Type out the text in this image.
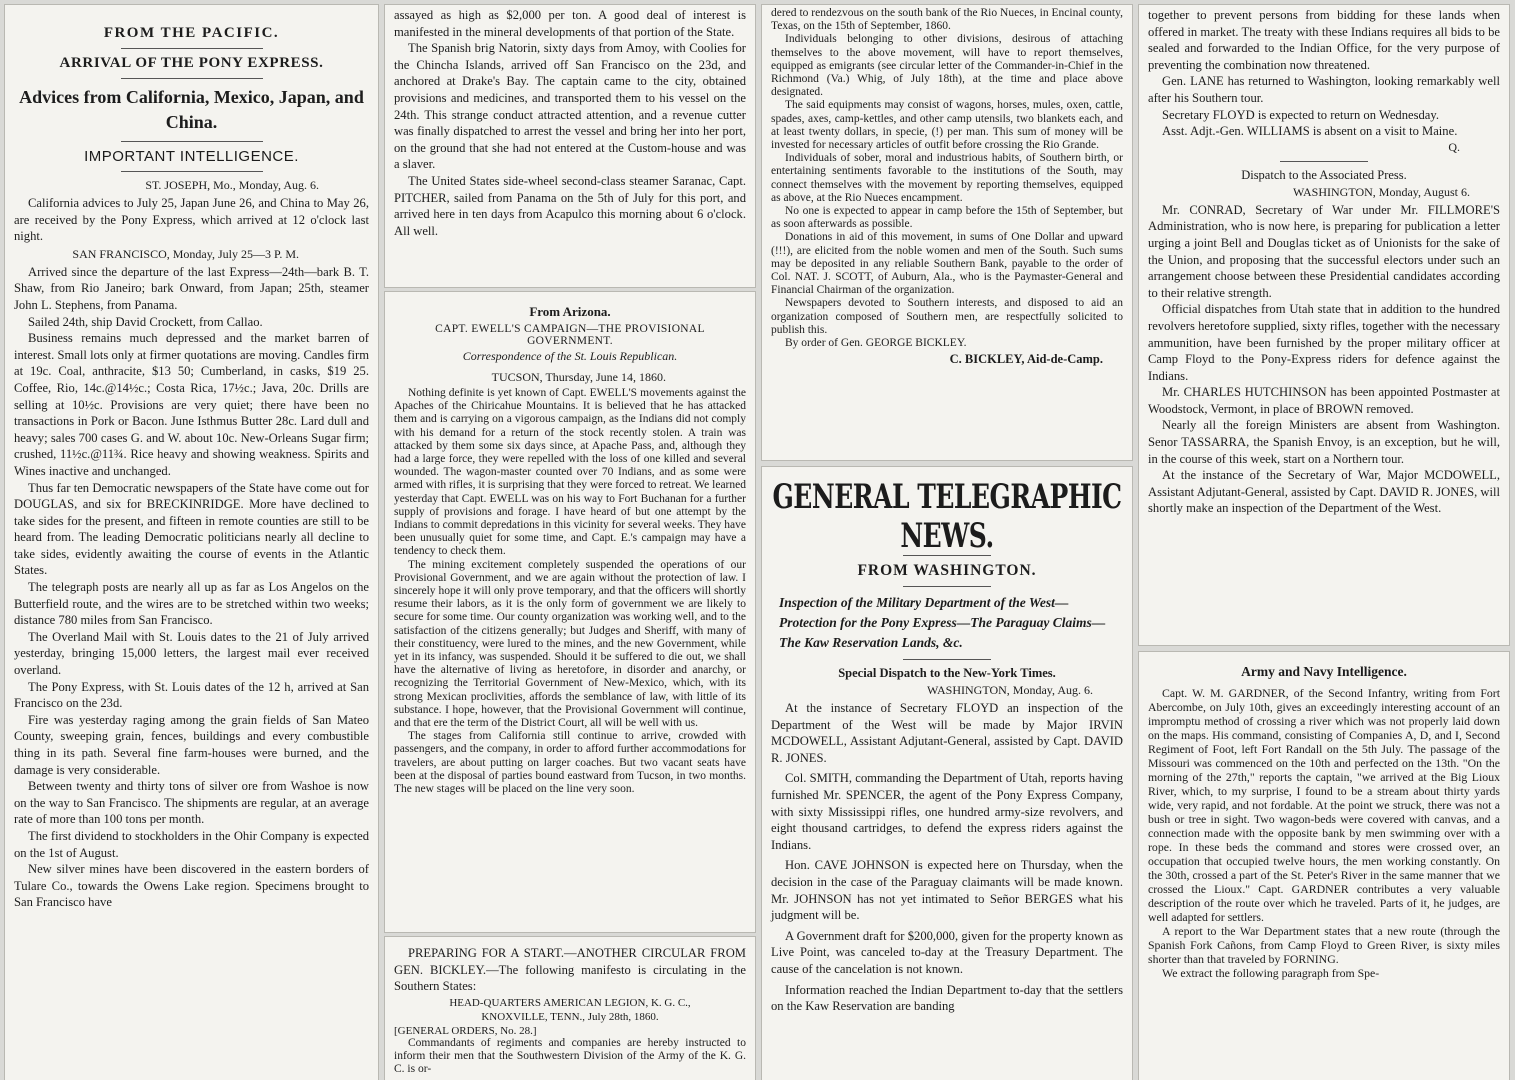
FROM THE PACIFIC.
ARRIVAL OF THE PONY EXPRESS.
Advices from California, Mexico, Japan, and China.
IMPORTANT INTELLIGENCE.
ST. JOSEPH, Mo., Monday, Aug. 6.

California advices to July 25, Japan June 26, and China to May 26, are received by the Pony Express, which arrived at 12 o'clock last night.

SAN FRANCISCO, Monday, July 25—3 P. M.

Arrived since the departure of the last Express—24th—bark B. T. Shaw, from Rio Janeiro; bark Onward, from Japan; 25th, steamer John L. Stephens, from Panama.

Sailed 24th, ship David Crockett, from Callao.

Business remains much depressed and the market barren of interest. Small lots only at firmer quotations are moving. Candles firm at 19c. Coal, anthracite, $13 50; Cumberland, in casks, $19 25. Coffee, Rio, 14c.@14½c.; Costa Rica, 17½c.; Java, 20c. Drills are selling at 10½c. Provisions are very quiet; there have been no transactions in Pork or Bacon. June Isthmus Butter 28c. Lard dull and heavy; sales 700 cases G. and W. about 10c. New-Orleans Sugar firm; crushed, 11½c.@11¾. Rice heavy and showing weakness. Spirits and Wines inactive and unchanged.

Thus far ten Democratic newspapers of the State have come out for DOUGLAS, and six for BRECKINRIDGE. More have declined to take sides for the present, and fifteen in remote counties are still to be heard from. The leading Democratic politicians nearly all decline to take sides, evidently awaiting the course of events in the Atlantic States.

The telegraph posts are nearly all up as far as Los Angelos on the Butterfield route, and the wires are to be stretched within two weeks; distance 780 miles from San Francisco.

The Overland Mail with St. Louis dates to the 21 of July arrived yesterday, bringing 15,000 letters, the largest mail ever received overland.

The Pony Express, with St. Louis dates of the 12 h, arrived at San Francisco on the 23d.

Fire was yesterday raging among the grain fields of San Mateo County, sweeping grain, fences, buildings and every combustible thing in its path. Several fine farm-houses were burned, and the damage is very considerable.

Between twenty and thirty tons of silver ore from Washoe is now on the way to San Francisco. The shipments are regular, at an average rate of more than 100 tons per month.

The first dividend to stockholders in the Ohir Company is expected on the 1st of August.

New silver mines have been discovered in the eastern borders of Tulare Co., towards the Owens Lake region. Specimens brought to San Francisco have

assayed as high as $2,000 per ton. A good deal of interest is manifested in the mineral developments of that portion of the State.

The Spanish brig Natorin, sixty days from Amoy, with Coolies for the Chincha Islands, arrived off San Francisco on the 23d, and anchored at Drake's Bay. The captain came to the city, obtained provisions and medicines, and transported them to his vessel on the 24th. This strange conduct attracted attention, and a revenue cutter was finally dispatched to arrest the vessel and bring her into her port, on the ground that she had not entered at the Custom-house and was a slaver.

The United States side-wheel second-class steamer Saranac, Capt. PITCHER, sailed from Panama on the 5th of July for this port, and arrived here in ten days from Acapulco this morning about 6 o'clock. All well.

From Arizona.
CAPT. EWELL'S CAMPAIGN—THE PROVISIONAL GOVERNMENT.
Correspondence of the St. Louis Republican.
TUCSON, Thursday, June 14, 1860.

Nothing definite is yet known of Capt. EWELL'S movements against the Apaches of the Chiricahue Mountains. It is believed that he has attacked them and is carrying on a vigorous campaign, as the Indians did not comply with his demand for a return of the stock recently stolen. A train was attacked by them some six days since, at Apache Pass, and, although they had a large force, they were repelled with the loss of one killed and several wounded. The wagon-master counted over 70 Indians, and as some were armed with rifles, it is surprising that they were forced to retreat. We learned yesterday that Capt. EWELL was on his way to Fort Buchanan for a further supply of provisions and forage. I have heard of but one attempt by the Indians to commit depredations in this vicinity for several weeks. They have been unusually quiet for some time, and Capt. E.'s campaign may have a tendency to check them.

The mining excitement completely suspended the operations of our Provisional Government, and we are again without the protection of law. I sincerely hope it will only prove temporary, and that the officers will shortly resume their labors, as it is the only form of government we are likely to secure for some time. Our county organization was working well, and to the satisfaction of the citizens generally; but Judges and Sheriff, with many of their constituency, were lured to the mines, and the new Government, while yet in its infancy, was suspended. Should it be suffered to die out, we shall have the alternative of living as heretofore, in disorder and anarchy, or recognizing the Territorial Government of New-Mexico, which, with its strong Mexican proclivities, affords the semblance of law, with little of its substance. I hope, however, that the Provisional Government will continue, and that ere the term of the District Court, all will be well with us.

The stages from California still continue to arrive, crowded with passengers, and the company, in order to afford further accommodations for travelers, are about putting on larger coaches. But two vacant seats have been at the disposal of parties bound eastward from Tucson, in two months. The new stages will be placed on the line very soon.

PREPARING FOR A START.—ANOTHER CIRCULAR FROM GEN. BICKLEY.—The following manifesto is circulating in the Southern States:

HEAD-QUARTERS AMERICAN LEGION, K. G. C.,
KNOXVILLE, TENN., July 28th, 1860.
[GENERAL ORDERS, No. 28.]

Commandants of regiments and companies are hereby instructed to inform their men that the Southwestern Division of the Army of the K. G. C. is or-

dered to rendezvous on the south bank of the Rio Nueces, in Encinal county, Texas, on the 15th of September, 1860.

Individuals belonging to other divisions, desirous of attaching themselves to the above movement, will have to report themselves, equipped as emigrants (see circular letter of the Commander-in-Chief in the Richmond (Va.) Whig, of July 18th), at the time and place above designated.

The said equipments may consist of wagons, horses, mules, oxen, cattle, spades, axes, camp-kettles, and other camp utensils, two blankets each, and at least twenty dollars, in specie, (!) per man. This sum of money will be invested for necessary articles of outfit before crossing the Rio Grande.

Individuals of sober, moral and industrious habits, of Southern birth, or entertaining sentiments favorable to the institutions of the South, may connect themselves with the movement by reporting themselves, equipped as above, at the Rio Nueces encampment.

No one is expected to appear in camp before the 15th of September, but as soon afterwards as possible.

Donations in aid of this movement, in sums of One Dollar and upward (!!!), are elicited from the noble women and men of the South. Such sums may be deposited in any reliable Southern Bank, payable to the order of Col. NAT. J. SCOTT, of Auburn, Ala., who is the Paymaster-General and Financial Chairman of the organization.

Newspapers devoted to Southern interests, and disposed to aid an organization composed of Southern men, are respectfully solicited to publish this.

By order of Gen. GEORGE BICKLEY.

C. BICKLEY, Aid-de-Camp.
GENERAL TELEGRAPHIC NEWS.
FROM WASHINGTON.
Inspection of the Military Department of the West—Protection for the Pony Express—The Paraguay Claims—The Kaw Reservation Lands, &c.
Special Dispatch to the New-York Times.
WASHINGTON, Monday, Aug. 6.

At the instance of Secretary FLOYD an inspection of the Department of the West will be made by Major IRVIN MCDOWELL, Assistant Adjutant-General, assisted by Capt. DAVID R. JONES.

Col. SMITH, commanding the Department of Utah, reports having furnished Mr. SPENCER, the agent of the Pony Express Company, with sixty Mississippi rifles, one hundred army-size revolvers, and eight thousand cartridges, to defend the express riders against the Indians.

Hon. CAVE JOHNSON is expected here on Thursday, when the decision in the case of the Paraguay claimants will be made known. Mr. JOHNSON has not yet intimated to Señor BERGES what his judgment will be.

A Government draft for $200,000, given for the property known as Live Point, was canceled to-day at the Treasury Department. The cause of the cancelation is not known.

Information reached the Indian Department to-day that the settlers on the Kaw Reservation are banding

together to prevent persons from bidding for these lands when offered in market. The treaty with these Indians requires all bids to be sealed and forwarded to the Indian Office, for the very purpose of preventing the combination now threatened.

Gen. LANE has returned to Washington, looking remarkably well after his Southern tour.

Secretary FLOYD is expected to return on Wednesday.

Asst. Adjt.-Gen. WILLIAMS is absent on a visit to Maine.

Q.
Dispatch to the Associated Press.
WASHINGTON, Monday, August 6.

Mr. CONRAD, Secretary of War under Mr. FILLMORE'S Administration, who is now here, is preparing for publication a letter urging a joint Bell and Douglas ticket as of Unionists for the sake of the Union, and proposing that the successful electors under such an arrangement choose between these Presidential candidates according to their relative strength.

Official dispatches from Utah state that in addition to the hundred revolvers heretofore supplied, sixty rifles, together with the necessary ammunition, have been furnished by the proper military officer at Camp Floyd to the Pony-Express riders for defence against the Indians.

Mr. CHARLES HUTCHINSON has been appointed Postmaster at Woodstock, Vermont, in place of BROWN removed.

Nearly all the foreign Ministers are absent from Washington. Senor TASSARRA, the Spanish Envoy, is an exception, but he will, in the course of this week, start on a Northern tour.

At the instance of the Secretary of War, Major MCDOWELL, Assistant Adjutant-General, assisted by Capt. DAVID R. JONES, will shortly make an inspection of the Department of the West.

Army and Navy Intelligence.

Capt. W. M. GARDNER, of the Second Infantry, writing from Fort Abercombe, on July 10th, gives an exceedingly interesting account of an impromptu method of crossing a river which was not properly laid down on the maps. His command, consisting of Companies A, D, and I, Second Regiment of Foot, left Fort Randall on the 5th July. The passage of the Missouri was commenced on the 10th and perfected on the 13th. "On the morning of the 27th," reports the captain, "we arrived at the Big Lioux River, which, to my surprise, I found to be a stream about thirty yards wide, very rapid, and not fordable. At the point we struck, there was not a bush or tree in sight. Two wagon-beds were covered with canvas, and a connection made with the opposite bank by men swimming over with a rope. In these beds the command and stores were crossed over, an occupation that occupied twelve hours, the men working constantly. On the 30th, crossed a part of the St. Peter's River in the same manner that we crossed the Lioux." Capt. GARDNER contributes a very valuable description of the route over which he traveled. Parts of it, he judges, are well adapted for settlers.

A report to the War Department states that a new route (through the Spanish Fork Cañons, from Camp Floyd to Green River, is sixty miles shorter than that traveled by FORNING.

We extract the following paragraph from Spe-
